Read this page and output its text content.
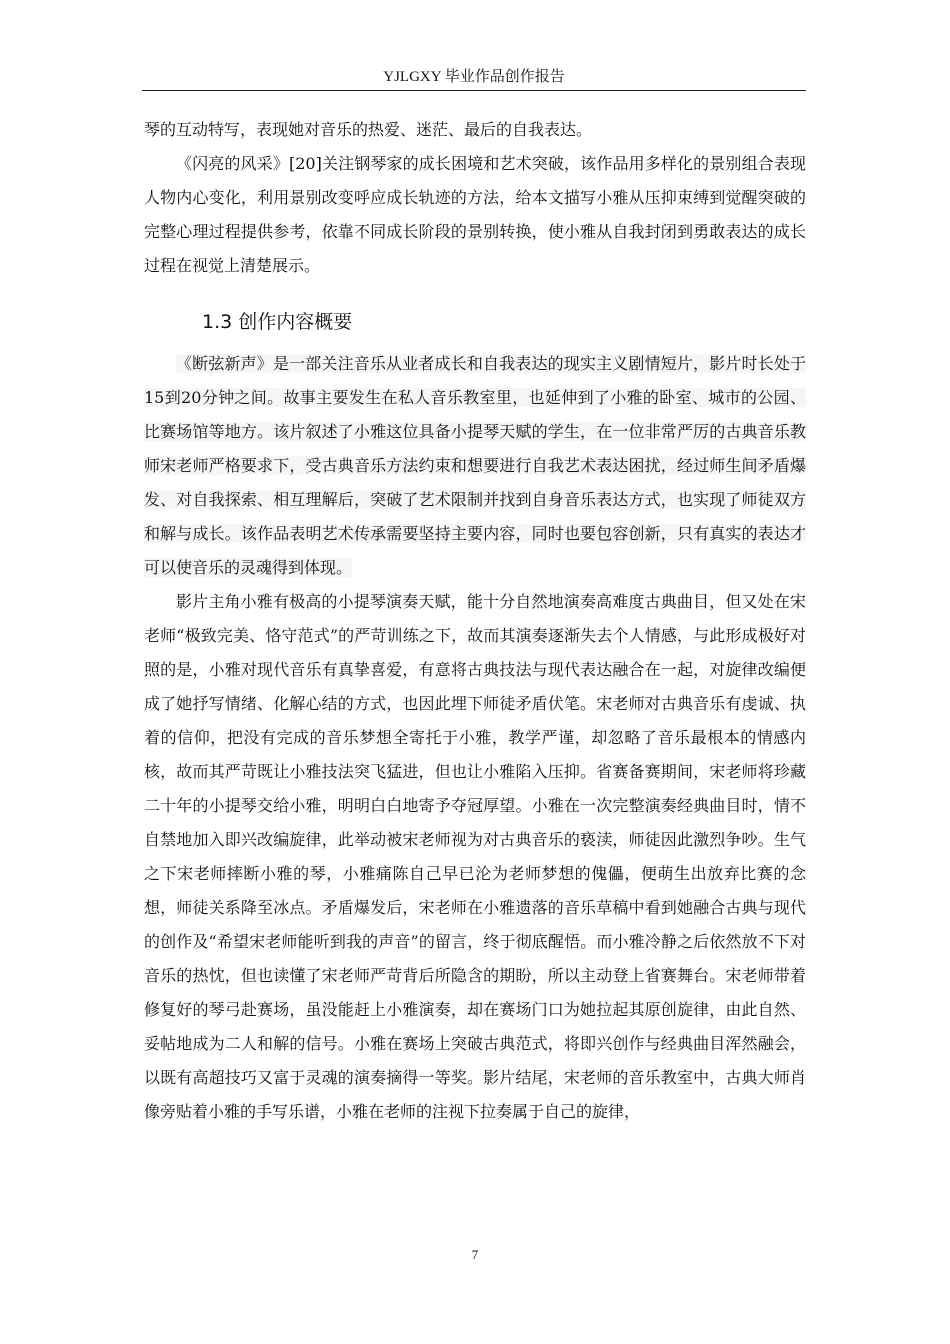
YJLGXY 毕业作品创作报告

琴的互动特写，表现她对音乐的热爱、迷茫、最后的自我表达。

《闪亮的风采》[20]关注钢琴家的成长困境和艺术突破，该作品用多样化的景别组合表现人物内心变化，利用景别改变呼应成长轨迹的方法，给本文描写小雅从压抑束缚到觉醒突破的完整心理过程提供参考，依靠不同成长阶段的景别转换，使小雅从自我封闭到勇敢表达的成长过程在视觉上清楚展示。

1.3 创作内容概要

《断弦新声》是一部关注音乐从业者成长和自我表达的现实主义剧情短片，影片时长处于15到20分钟之间。故事主要发生在私人音乐教室里，也延伸到了小雅的卧室、城市的公园、比赛场馆等地方。该片叙述了小雅这位具备小提琴天赋的学生，在一位非常严厉的古典音乐教师宋老师严格要求下，受古典音乐方法约束和想要进行自我艺术表达困扰，经过师生间矛盾爆发、对自我探索、相互理解后，突破了艺术限制并找到自身音乐表达方式，也实现了师徒双方和解与成长。该作品表明艺术传承需要坚持主要内容，同时也要包容创新，只有真实的表达才可以使音乐的灵魂得到体现。

影片主角小雅有极高的小提琴演奏天赋，能十分自然地演奏高难度古典曲目，但又处在宋老师“极致完美、恪守范式”的严苛训练之下，故而其演奏逐渐失去个人情感，与此形成极好对照的是，小雅对现代音乐有真挚喜爱，有意将古典技法与现代表达融合在一起，对旋律改编便成了她抒写情绪、化解心结的方式，也因此埋下师徒矛盾伏笔。宋老师对古典音乐有虔诚、执着的信仰，把没有完成的音乐梦想全寄托于小雅，教学严谨，却忽略了音乐最根本的情感内核，故而其严苛既让小雅技法突飞猛进，但也让小雅陷入压抑。省赛备赛期间，宋老师将珍藏二十年的小提琴交给小雅，明明白白地寄予夺冠厚望。小雅在一次完整演奏经典曲目时，情不自禁地加入即兴改编旋律，此举动被宋老师视为对古典音乐的亵渎，师徒因此激烈争吵。生气之下宋老师摔断小雅的琴，小雅痛陈自己早已沦为老师梦想的傀儡，便萌生出放弃比赛的念想，师徒关系降至冰点。矛盾爆发后，宋老师在小雅遗落的音乐草稿中看到她融合古典与现代的创作及“希望宋老师能听到我的声音”的留言，终于彻底醒悟。而小雅冷静之后依然放不下对音乐的热忱，但也读懂了宋老师严苛背后所隐含的期盼，所以主动登上省赛舞台。宋老师带着修复好的琴弓赴赛场，虽没能赶上小雅演奏，却在赛场门口为她拉起其原创旋律，由此自然、妥帖地成为二人和解的信号。小雅在赛场上突破古典范式，将即兴创作与经典曲目浑然融会，以既有高超技巧又富于灵魂的演奏摘得一等奖。影片结尾，宋老师的音乐教室中，古典大师肖像旁贴着小雅的手写乐谱，小雅在老师的注视下拉奏属于自己的旋律，

7
